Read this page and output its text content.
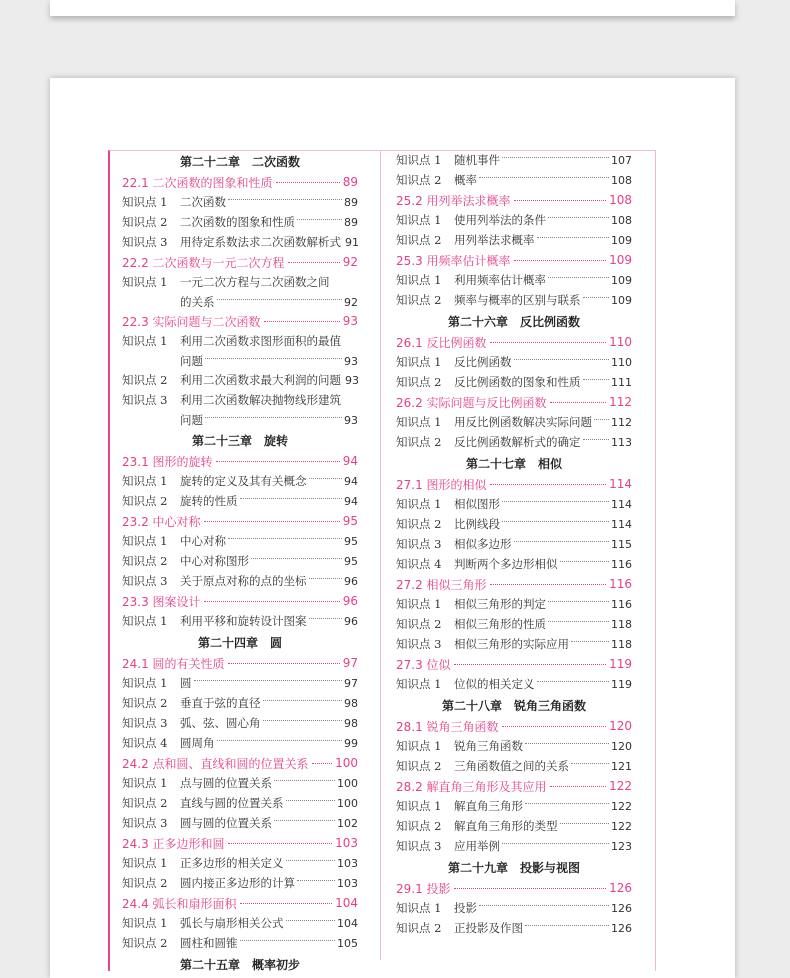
第二十二章　二次函数
22.1 二次函数的图象和性质	89
知识点 1	二次函数	89
知识点 2	二次函数的图象和性质	89
知识点 3	用待定系数法求二次函数解析式 91
22.2 二次函数与一元二次方程	92
知识点 1	一元二次方程与二次函数之间
的关系	92
22.3 实际问题与二次函数	93
知识点 1	利用二次函数求图形面积的最值
问题	93
知识点 2	利用二次函数求最大利润的问题 93
知识点 3	利用二次函数解决抛物线形建筑
问题	93
第二十三章　旋转
23.1 图形的旋转	94
知识点 1	旋转的定义及其有关概念	94
知识点 2	旋转的性质	94
23.2 中心对称	95
知识点 1	中心对称	95
知识点 2	中心对称图形	95
知识点 3	关于原点对称的点的坐标	96
23.3 图案设计	96
知识点 1	利用平移和旋转设计图案	96
第二十四章　圆
24.1 圆的有关性质	97
知识点 1	圆	97
知识点 2	垂直于弦的直径	98
知识点 3	弧、弦、圆心角	98
知识点 4	圆周角	99
24.2 点和圆、直线和圆的位置关系 100
知识点 1	点与圆的位置关系	100
知识点 2	直线与圆的位置关系	100
知识点 3	圆与圆的位置关系	102
24.3 正多边形和圆	103
知识点 1	正多边形的相关定义	103
知识点 2	圆内接正多边形的计算	103
24.4 弧长和扇形面积	104
知识点 1	弧长与扇形相关公式	104
知识点 2	圆柱和圆锥	105
第二十五章　概率初步
知识点 1	随机事件	107
知识点 2	概率	108
25.2 用列举法求概率	108
知识点 1	使用列举法的条件	108
知识点 2	用列举法求概率	109
25.3 用频率估计概率	109
知识点 1	利用频率估计概率	109
知识点 2	频率与概率的区别与联系	109
第二十六章　反比例函数
26.1 反比例函数	110
知识点 1	反比例函数	110
知识点 2	反比例函数的图象和性质	111
26.2 实际问题与反比例函数	112
知识点 1	用反比例函数解决实际问题 112
知识点 2	反比例函数解析式的确定	113
第二十七章　相似
27.1 图形的相似	114
知识点 1	相似图形	114
知识点 2	比例线段	114
知识点 3	相似多边形	115
知识点 4	判断两个多边形相似	116
27.2 相似三角形	116
知识点 1	相似三角形的判定	116
知识点 2	相似三角形的性质	118
知识点 3	相似三角形的实际应用	118
27.3 位似	119
知识点 1	位似的相关定义	119
第二十八章　锐角三角函数
28.1 锐角三角函数	120
知识点 1	锐角三角函数	120
知识点 2	三角函数值之间的关系	121
28.2 解直角三角形及其应用	122
知识点 1	解直角三角形	122
知识点 2	解直角三角形的类型	122
知识点 3	应用举例	123
第二十九章　投影与视图
29.1 投影	126
知识点 1	投影	126
知识点 2	正投影及作图	126
